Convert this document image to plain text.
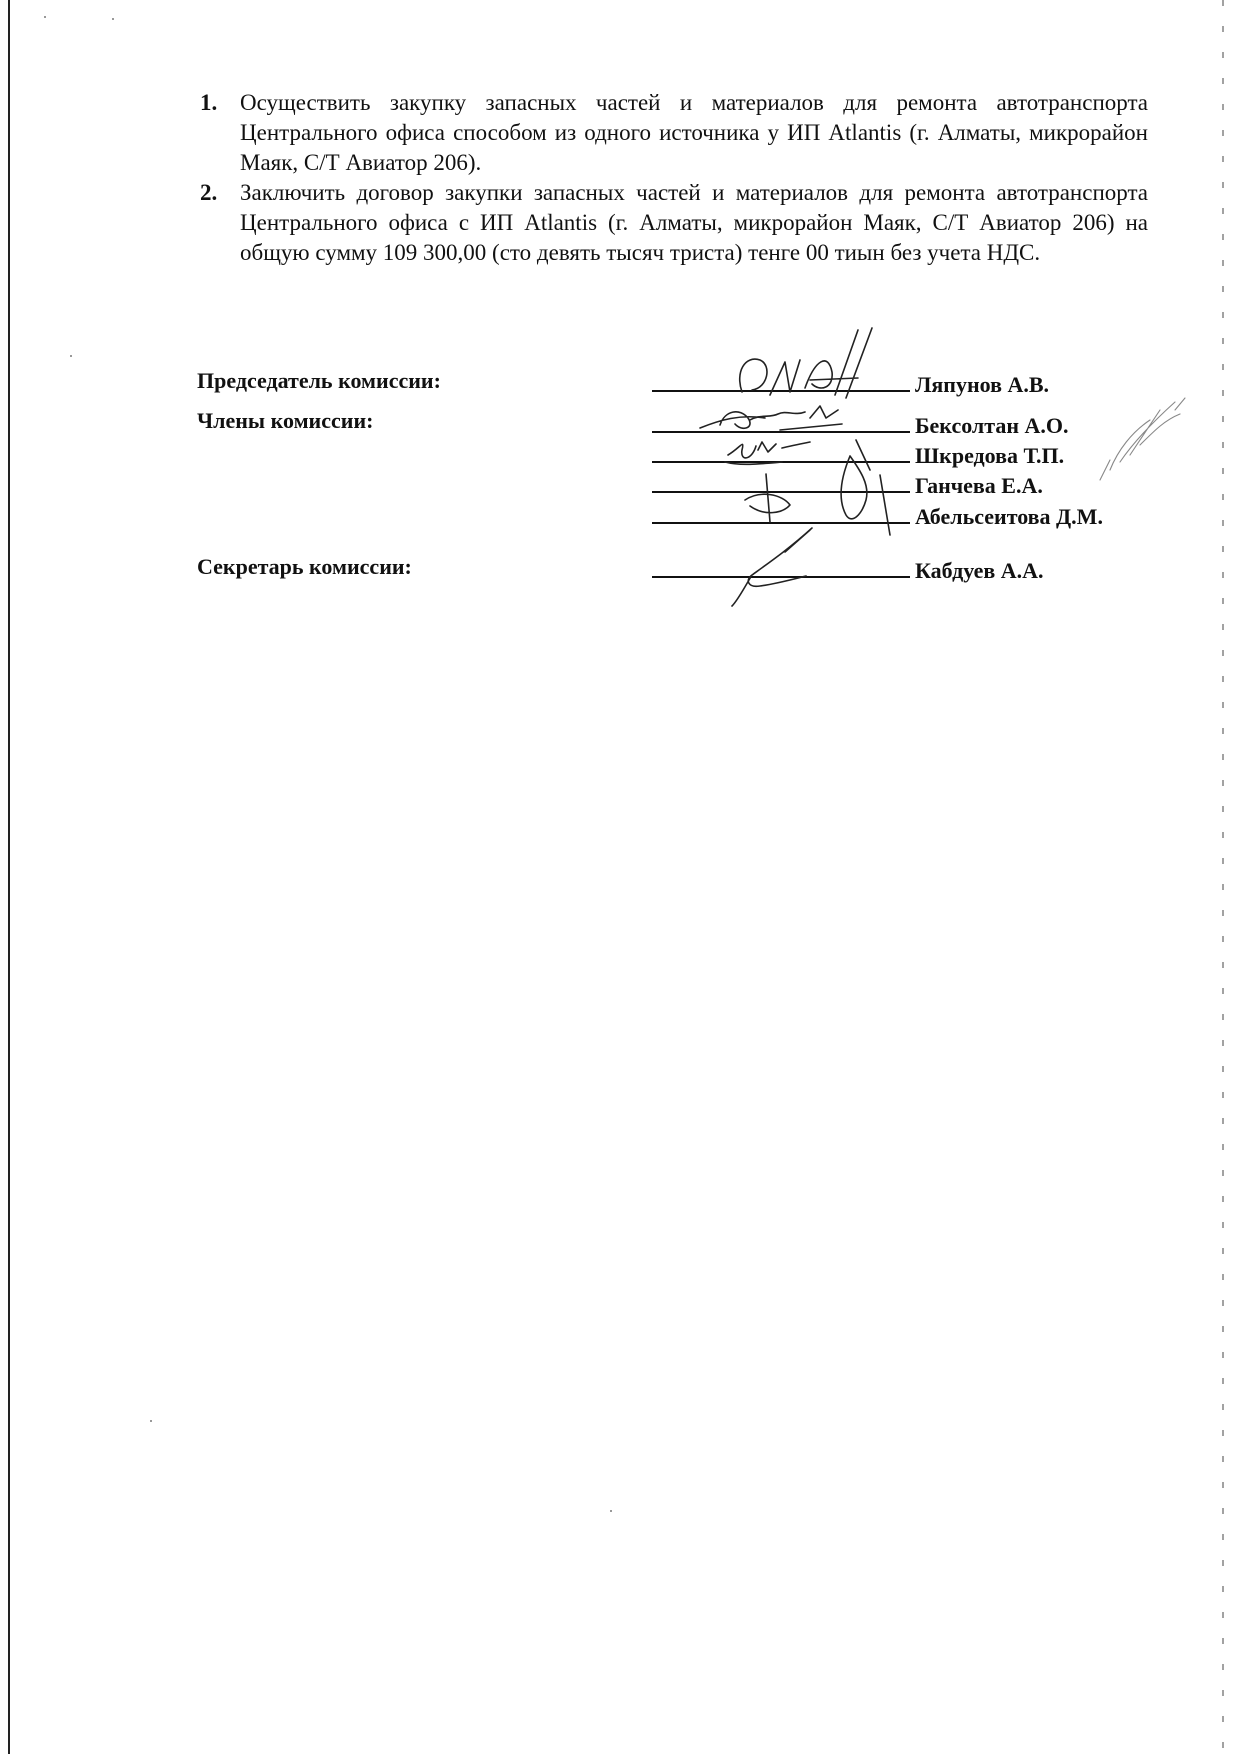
1. Осуществить закупку запасных частей и материалов для ремонта автотранспорта Центрального офиса способом из одного источника у ИП Atlantis (г. Алматы, микрорайон Маяк, С/Т Авиатор 206).
2. Заключить договор закупки запасных частей и материалов для ремонта автотранспорта Центрального офиса с ИП Atlantis (г. Алматы, микрорайон Маяк, С/Т Авиатор 206) на общую сумму 109 300,00 (сто девять тысяч триста) тенге 00 тиын без учета НДС.
Председатель комиссии:
Члены комиссии:
Секретарь комиссии:
Ляпунов А.В.
Бексолтан А.О.
Шкредова Т.П.
Ганчева Е.А.
Абельсеитова Д.М.
Кабдуев А.А.
